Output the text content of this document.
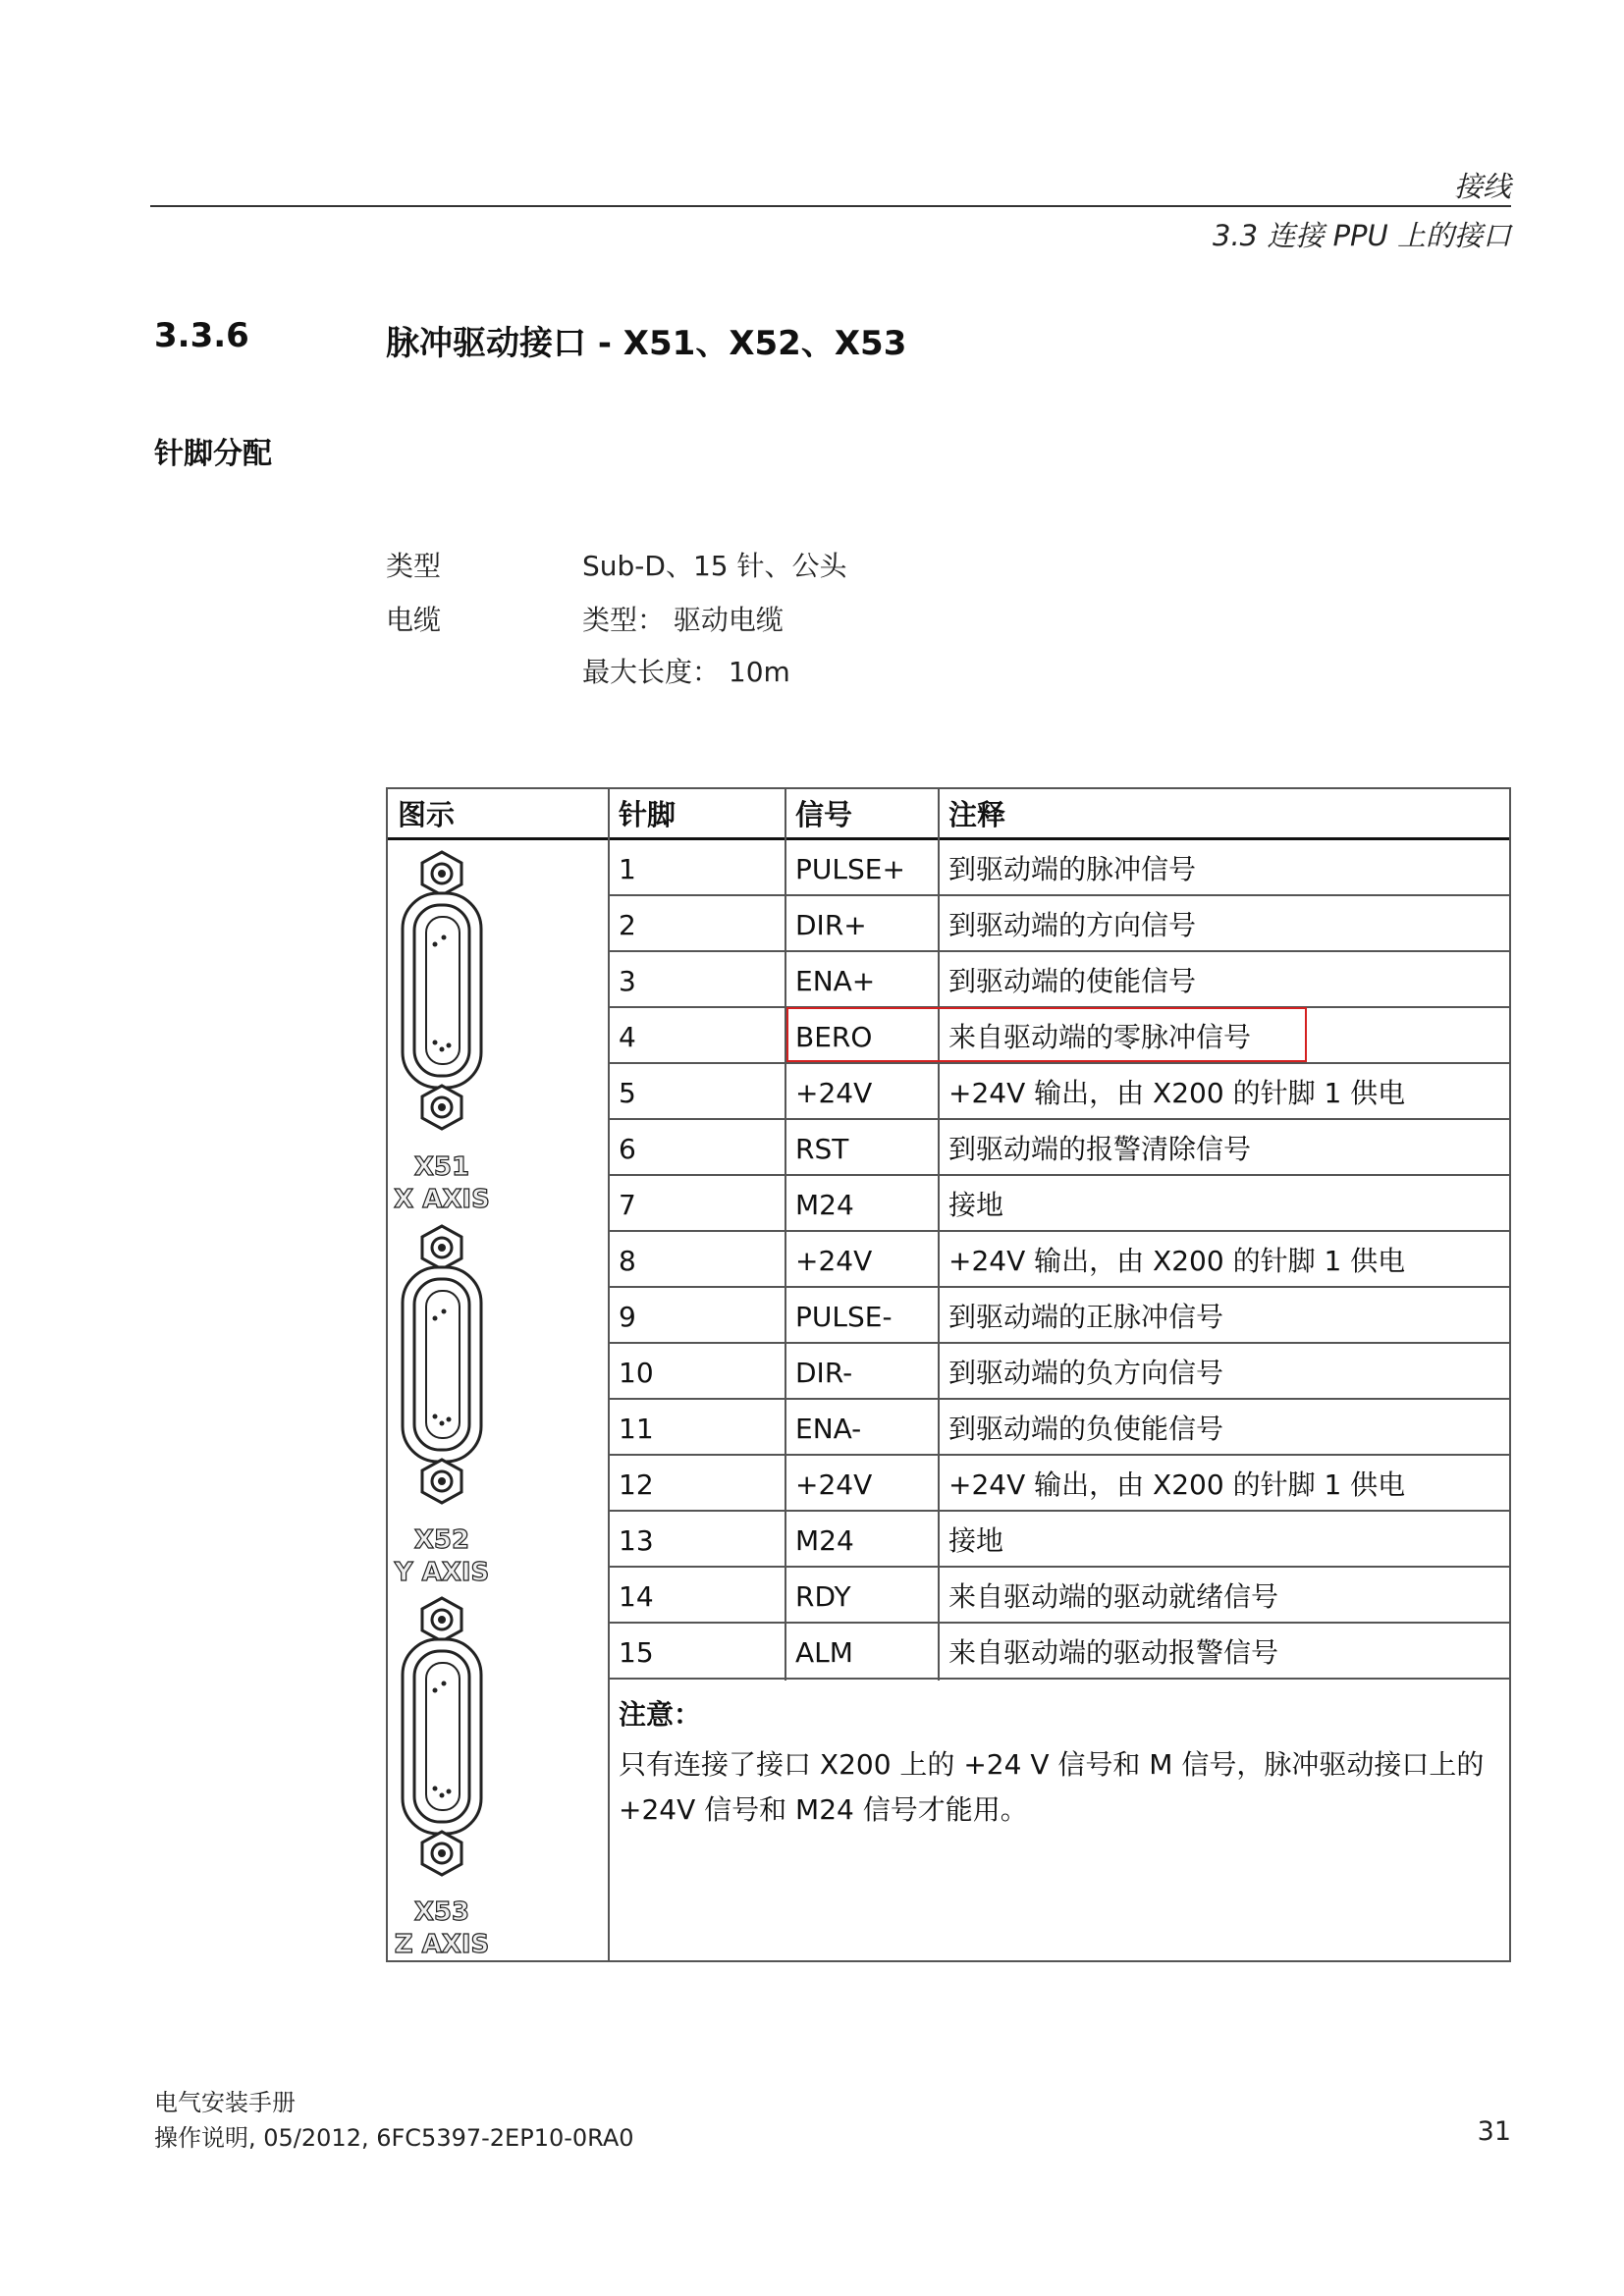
接线
3.3 连接 PPU 上的接口
3.3.6	脉冲驱动接口 - X51、X52、X53
针脚分配
类型	Sub-D、15 针、公头
电缆	类型： 驱动电缆
最大长度： 10m
图示	针脚	信号	注释
1	PULSE+	到驱动端的脉冲信号
2	DIR+	到驱动端的方向信号
3	ENA+	到驱动端的使能信号
4	BERO	来自驱动端的零脉冲信号
5	+24V	+24V 输出，由 X200 的针脚 1 供电
6	RST	到驱动端的报警清除信号
7	M24	接地
8	+24V	+24V 输出，由 X200 的针脚 1 供电
9	PULSE-	到驱动端的正脉冲信号
10	DIR-	到驱动端的负方向信号
11	ENA-	到驱动端的负使能信号
12	+24V	+24V 输出，由 X200 的针脚 1 供电
13	M24	接地
14	RDY	来自驱动端的驱动就绪信号
15	ALM	来自驱动端的驱动报警信号
注意：
只有连接了接口 X200 上的 +24 V 信号和 M 信号，脉冲驱动接口上的
+24V 信号和 M24 信号才能用。
X51
X AXIS
X52
Y AXIS
X53
Z AXIS
电气安装手册
操作说明, 05/2012, 6FC5397-2EP10-0RA0	31
